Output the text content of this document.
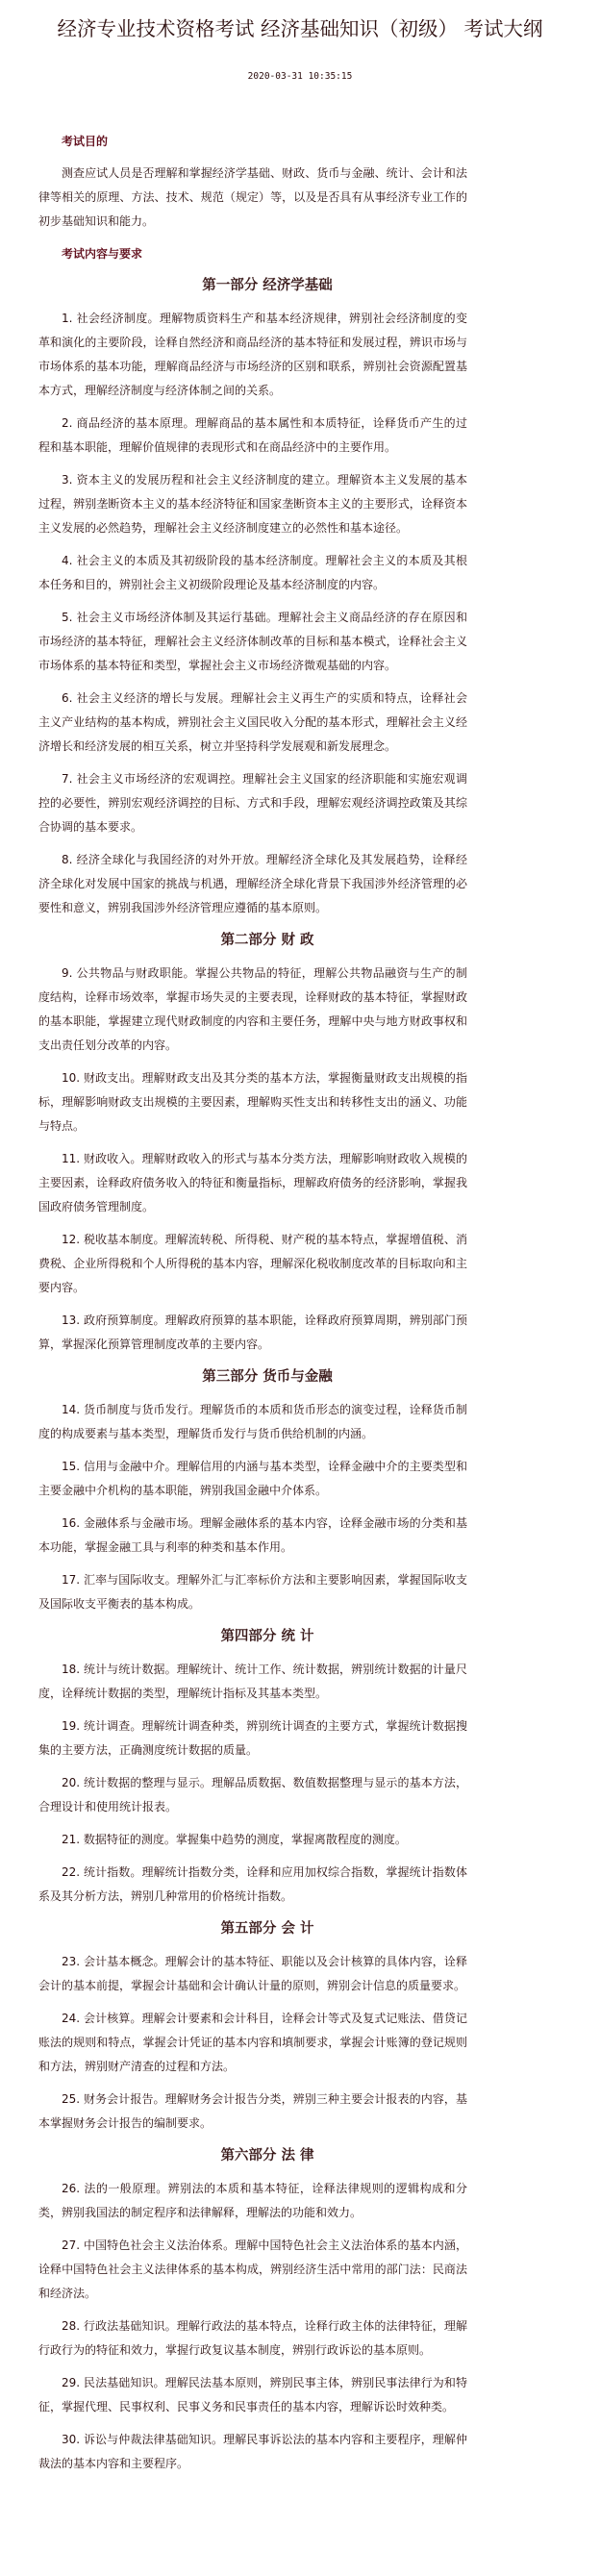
经济专业技术资格考试 经济基础知识（初级） 考试大纲
2020-03-31 10:35:15
考试目的

测查应试人员是否理解和掌握经济学基础、财政、货币与金融、统计、会计和法律等相关的原理、方法、技术、规范（规定）等，以及是否具有从事经济专业工作的初步基础知识和能力。

考试内容与要求
第一部分 经济学基础

1. 社会经济制度。理解物质资料生产和基本经济规律，辨别社会经济制度的变革和演化的主要阶段，诠释自然经济和商品经济的基本特征和发展过程，辨识市场与市场体系的基本功能，理解商品经济与市场经济的区别和联系，辨别社会资源配置基本方式，理解经济制度与经济体制之间的关系。

2. 商品经济的基本原理。理解商品的基本属性和本质特征，诠释货币产生的过程和基本职能，理解价值规律的表现形式和在商品经济中的主要作用。

3. 资本主义的发展历程和社会主义经济制度的建立。理解资本主义发展的基本过程，辨别垄断资本主义的基本经济特征和国家垄断资本主义的主要形式，诠释资本主义发展的必然趋势，理解社会主义经济制度建立的必然性和基本途径。

4. 社会主义的本质及其初级阶段的基本经济制度。理解社会主义的本质及其根本任务和目的，辨别社会主义初级阶段理论及基本经济制度的内容。

5. 社会主义市场经济体制及其运行基础。理解社会主义商品经济的存在原因和市场经济的基本特征，理解社会主义经济体制改革的目标和基本模式，诠释社会主义市场体系的基本特征和类型，掌握社会主义市场经济微观基础的内容。

6. 社会主义经济的增长与发展。理解社会主义再生产的实质和特点，诠释社会主义产业结构的基本构成，辨别社会主义国民收入分配的基本形式，理解社会主义经济增长和经济发展的相互关系，树立并坚持科学发展观和新发展理念。

7. 社会主义市场经济的宏观调控。理解社会主义国家的经济职能和实施宏观调控的必要性，辨别宏观经济调控的目标、方式和手段，理解宏观经济调控政策及其综合协调的基本要求。

8. 经济全球化与我国经济的对外开放。理解经济全球化及其发展趋势，诠释经济全球化对发展中国家的挑战与机遇，理解经济全球化背景下我国涉外经济管理的必要性和意义，辨别我国涉外经济管理应遵循的基本原则。

第二部分 财 政

9. 公共物品与财政职能。掌握公共物品的特征，理解公共物品融资与生产的制度结构，诠释市场效率，掌握市场失灵的主要表现，诠释财政的基本特征，掌握财政的基本职能，掌握建立现代财政制度的内容和主要任务，理解中央与地方财政事权和支出责任划分改革的内容。

10. 财政支出。理解财政支出及其分类的基本方法，掌握衡量财政支出规模的指标，理解影响财政支出规模的主要因素，理解购买性支出和转移性支出的涵义、功能与特点。

11. 财政收入。理解财政收入的形式与基本分类方法，理解影响财政收入规模的主要因素，诠释政府债务收入的特征和衡量指标，理解政府债务的经济影响，掌握我国政府债务管理制度。

12. 税收基本制度。理解流转税、所得税、财产税的基本特点，掌握增值税、消费税、企业所得税和个人所得税的基本内容，理解深化税收制度改革的目标取向和主要内容。

13. 政府预算制度。理解政府预算的基本职能，诠释政府预算周期，辨别部门预算，掌握深化预算管理制度改革的主要内容。

第三部分 货币与金融

14. 货币制度与货币发行。理解货币的本质和货币形态的演变过程，诠释货币制度的构成要素与基本类型，理解货币发行与货币供给机制的内涵。

15. 信用与金融中介。理解信用的内涵与基本类型，诠释金融中介的主要类型和主要金融中介机构的基本职能，辨别我国金融中介体系。

16. 金融体系与金融市场。理解金融体系的基本内容，诠释金融市场的分类和基本功能，掌握金融工具与利率的种类和基本作用。

17. 汇率与国际收支。理解外汇与汇率标价方法和主要影响因素，掌握国际收支及国际收支平衡表的基本构成。

第四部分 统 计

18. 统计与统计数据。理解统计、统计工作、统计数据，辨别统计数据的计量尺度，诠释统计数据的类型，理解统计指标及其基本类型。

19. 统计调查。理解统计调查种类，辨别统计调查的主要方式，掌握统计数据搜集的主要方法，正确测度统计数据的质量。

20. 统计数据的整理与显示。理解品质数据、数值数据整理与显示的基本方法，合理设计和使用统计报表。

21. 数据特征的测度。掌握集中趋势的测度，掌握离散程度的测度。

22. 统计指数。理解统计指数分类，诠释和应用加权综合指数，掌握统计指数体系及其分析方法，辨别几种常用的价格统计指数。

第五部分 会 计

23. 会计基本概念。理解会计的基本特征、职能以及会计核算的具体内容，诠释会计的基本前提，掌握会计基础和会计确认计量的原则，辨别会计信息的质量要求。

24. 会计核算。理解会计要素和会计科目，诠释会计等式及复式记账法、借贷记账法的规则和特点，掌握会计凭证的基本内容和填制要求，掌握会计账簿的登记规则和方法，辨别财产清查的过程和方法。

25. 财务会计报告。理解财务会计报告分类，辨别三种主要会计报表的内容，基本掌握财务会计报告的编制要求。

第六部分 法 律

26. 法的一般原理。辨别法的本质和基本特征，诠释法律规则的逻辑构成和分类，辨别我国法的制定程序和法律解释，理解法的功能和效力。

27. 中国特色社会主义法治体系。理解中国特色社会主义法治体系的基本内涵，诠释中国特色社会主义法律体系的基本构成，辨别经济生活中常用的部门法：民商法和经济法。

28. 行政法基础知识。理解行政法的基本特点，诠释行政主体的法律特征，理解行政行为的特征和效力，掌握行政复议基本制度，辨别行政诉讼的基本原则。

29. 民法基础知识。理解民法基本原则，辨别民事主体，辨别民事法律行为和特征，掌握代理、民事权利、民事义务和民事责任的基本内容，理解诉讼时效种类。

30. 诉讼与仲裁法律基础知识。理解民事诉讼法的基本内容和主要程序，理解仲裁法的基本内容和主要程序。
